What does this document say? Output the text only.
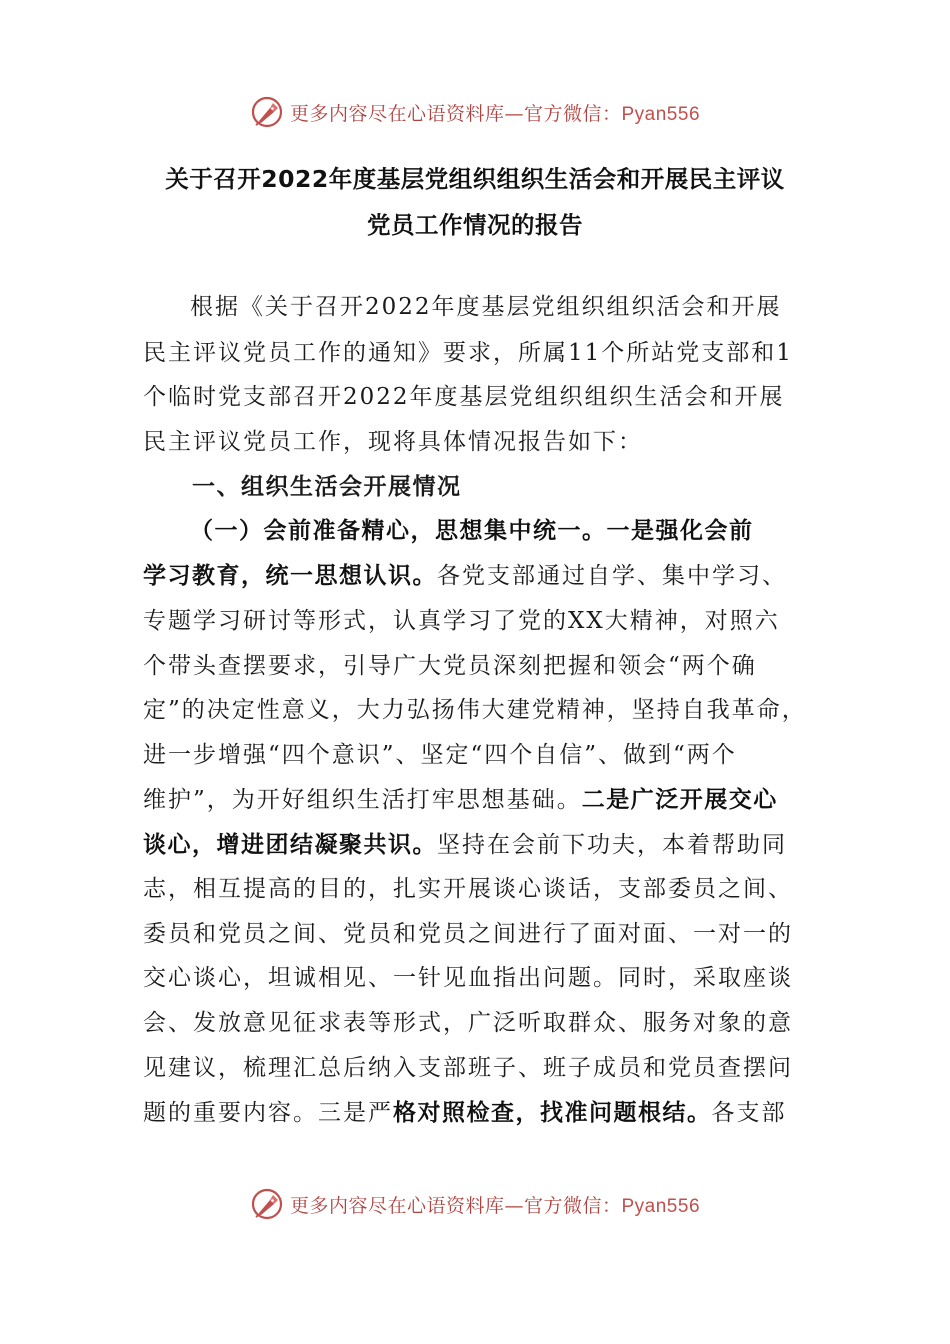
更多内容尽在心语资料库—官方微信：Pyan556
关于召开2022年度基层党组织组织生活会和开展民主评议
党员工作情况的报告
根据《关于召开2022年度基层党组织组织活会和开展
民主评议党员工作的通知》要求，所属11个所站党支部和1
个临时党支部召开2022年度基层党组织组织生活会和开展
民主评议党员工作，现将具体情况报告如下：
一、组织生活会开展情况
（一）会前准备精心，思想集中统一。一是强化会前
学习教育，统一思想认识。各党支部通过自学、集中学习、
专题学习研讨等形式，认真学习了党的XX大精神，对照六
个带头查摆要求，引导广大党员深刻把握和领会“两个确
定”的决定性意义，大力弘扬伟大建党精神，坚持自我革命，
进一步增强“四个意识”、坚定“四个自信”、做到“两个
维护”，为开好组织生活打牢思想基础。二是广泛开展交心
谈心，增进团结凝聚共识。坚持在会前下功夫，本着帮助同
志，相互提高的目的，扎实开展谈心谈话，支部委员之间、
委员和党员之间、党员和党员之间进行了面对面、一对一的
交心谈心，坦诚相见、一针见血指出问题。同时，采取座谈
会、发放意见征求表等形式，广泛听取群众、服务对象的意
见建议，梳理汇总后纳入支部班子、班子成员和党员查摆问
题的重要内容。三是严格对照检查，找准问题根结。各支部
更多内容尽在心语资料库—官方微信：Pyan556
